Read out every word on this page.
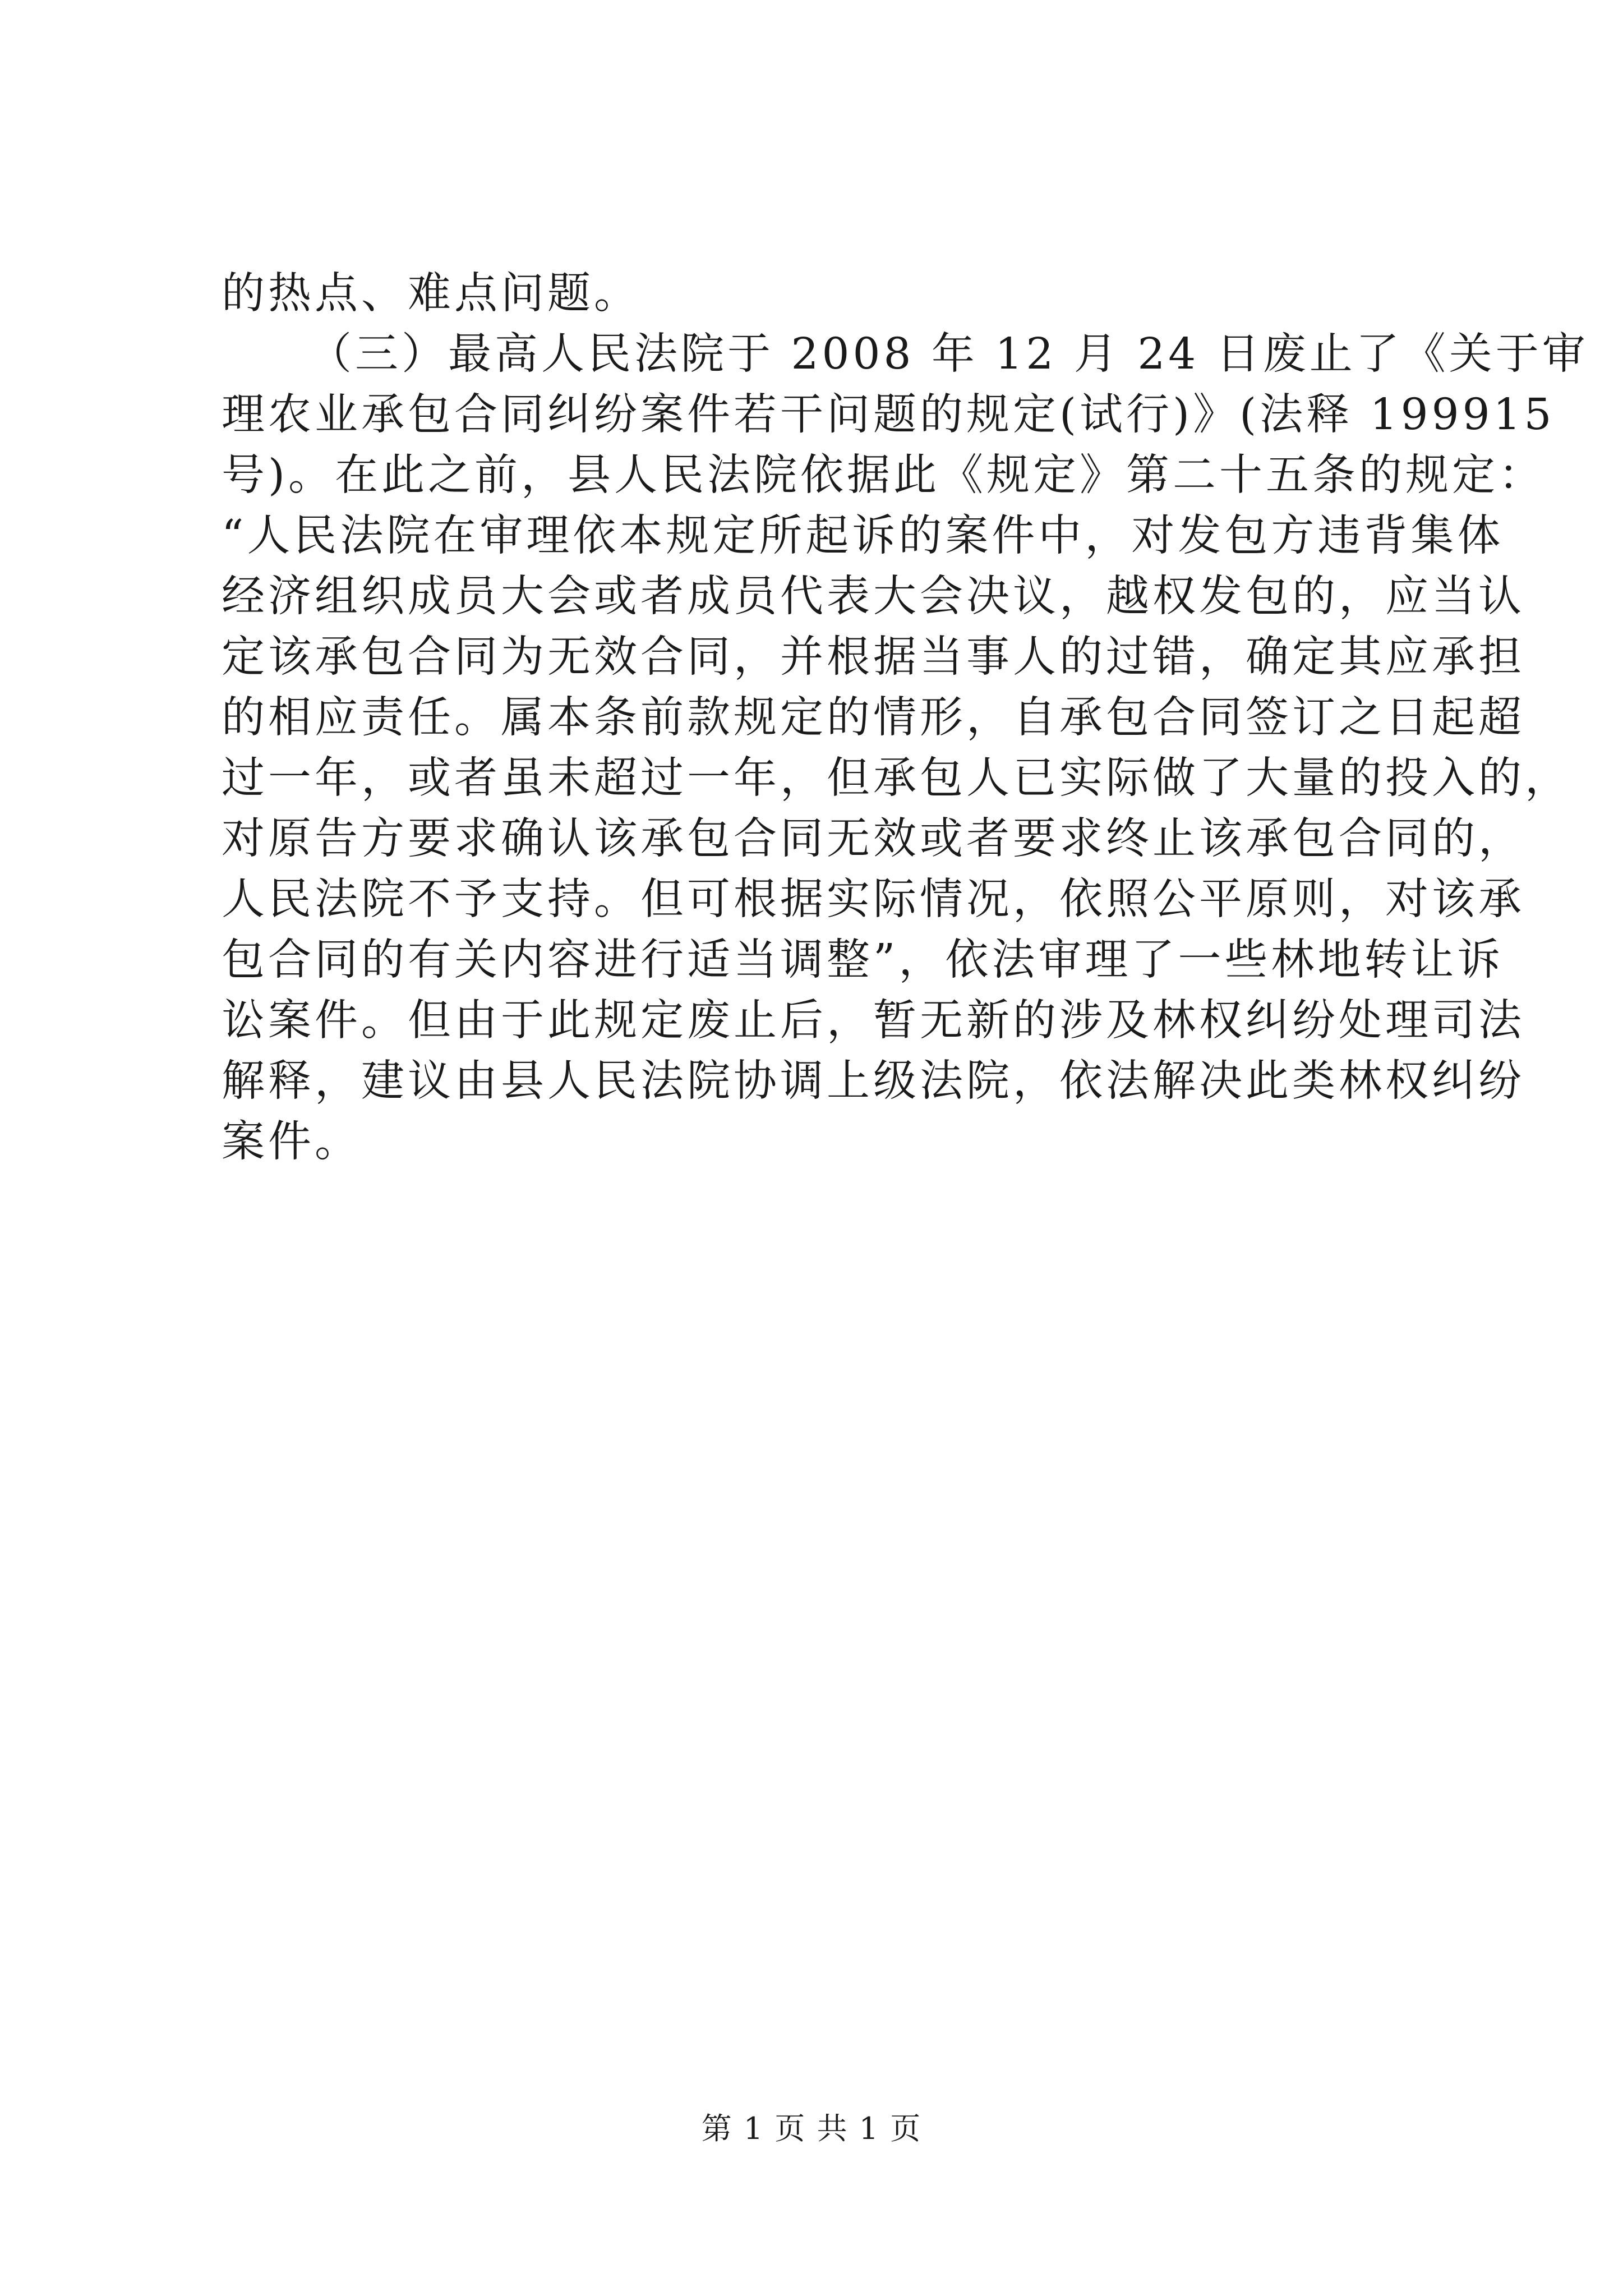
的热点、难点问题。
（三）最高人民法院于 2008 年 12 月 24 日废止了《关于审
理农业承包合同纠纷案件若干问题的规定(试行)》(法释 199915
号)。在此之前，县人民法院依据此《规定》第二十五条的规定：
“人民法院在审理依本规定所起诉的案件中，对发包方违背集体
经济组织成员大会或者成员代表大会决议，越权发包的，应当认
定该承包合同为无效合同，并根据当事人的过错，确定其应承担
的相应责任。属本条前款规定的情形，自承包合同签订之日起超
过一年，或者虽未超过一年，但承包人已实际做了大量的投入的，
对原告方要求确认该承包合同无效或者要求终止该承包合同的，
人民法院不予支持。但可根据实际情况，依照公平原则，对该承
包合同的有关内容进行适当调整”，依法审理了一些林地转让诉
讼案件。但由于此规定废止后，暂无新的涉及林权纠纷处理司法
解释，建议由县人民法院协调上级法院，依法解决此类林权纠纷
案件。
第 1 页 共 1 页
